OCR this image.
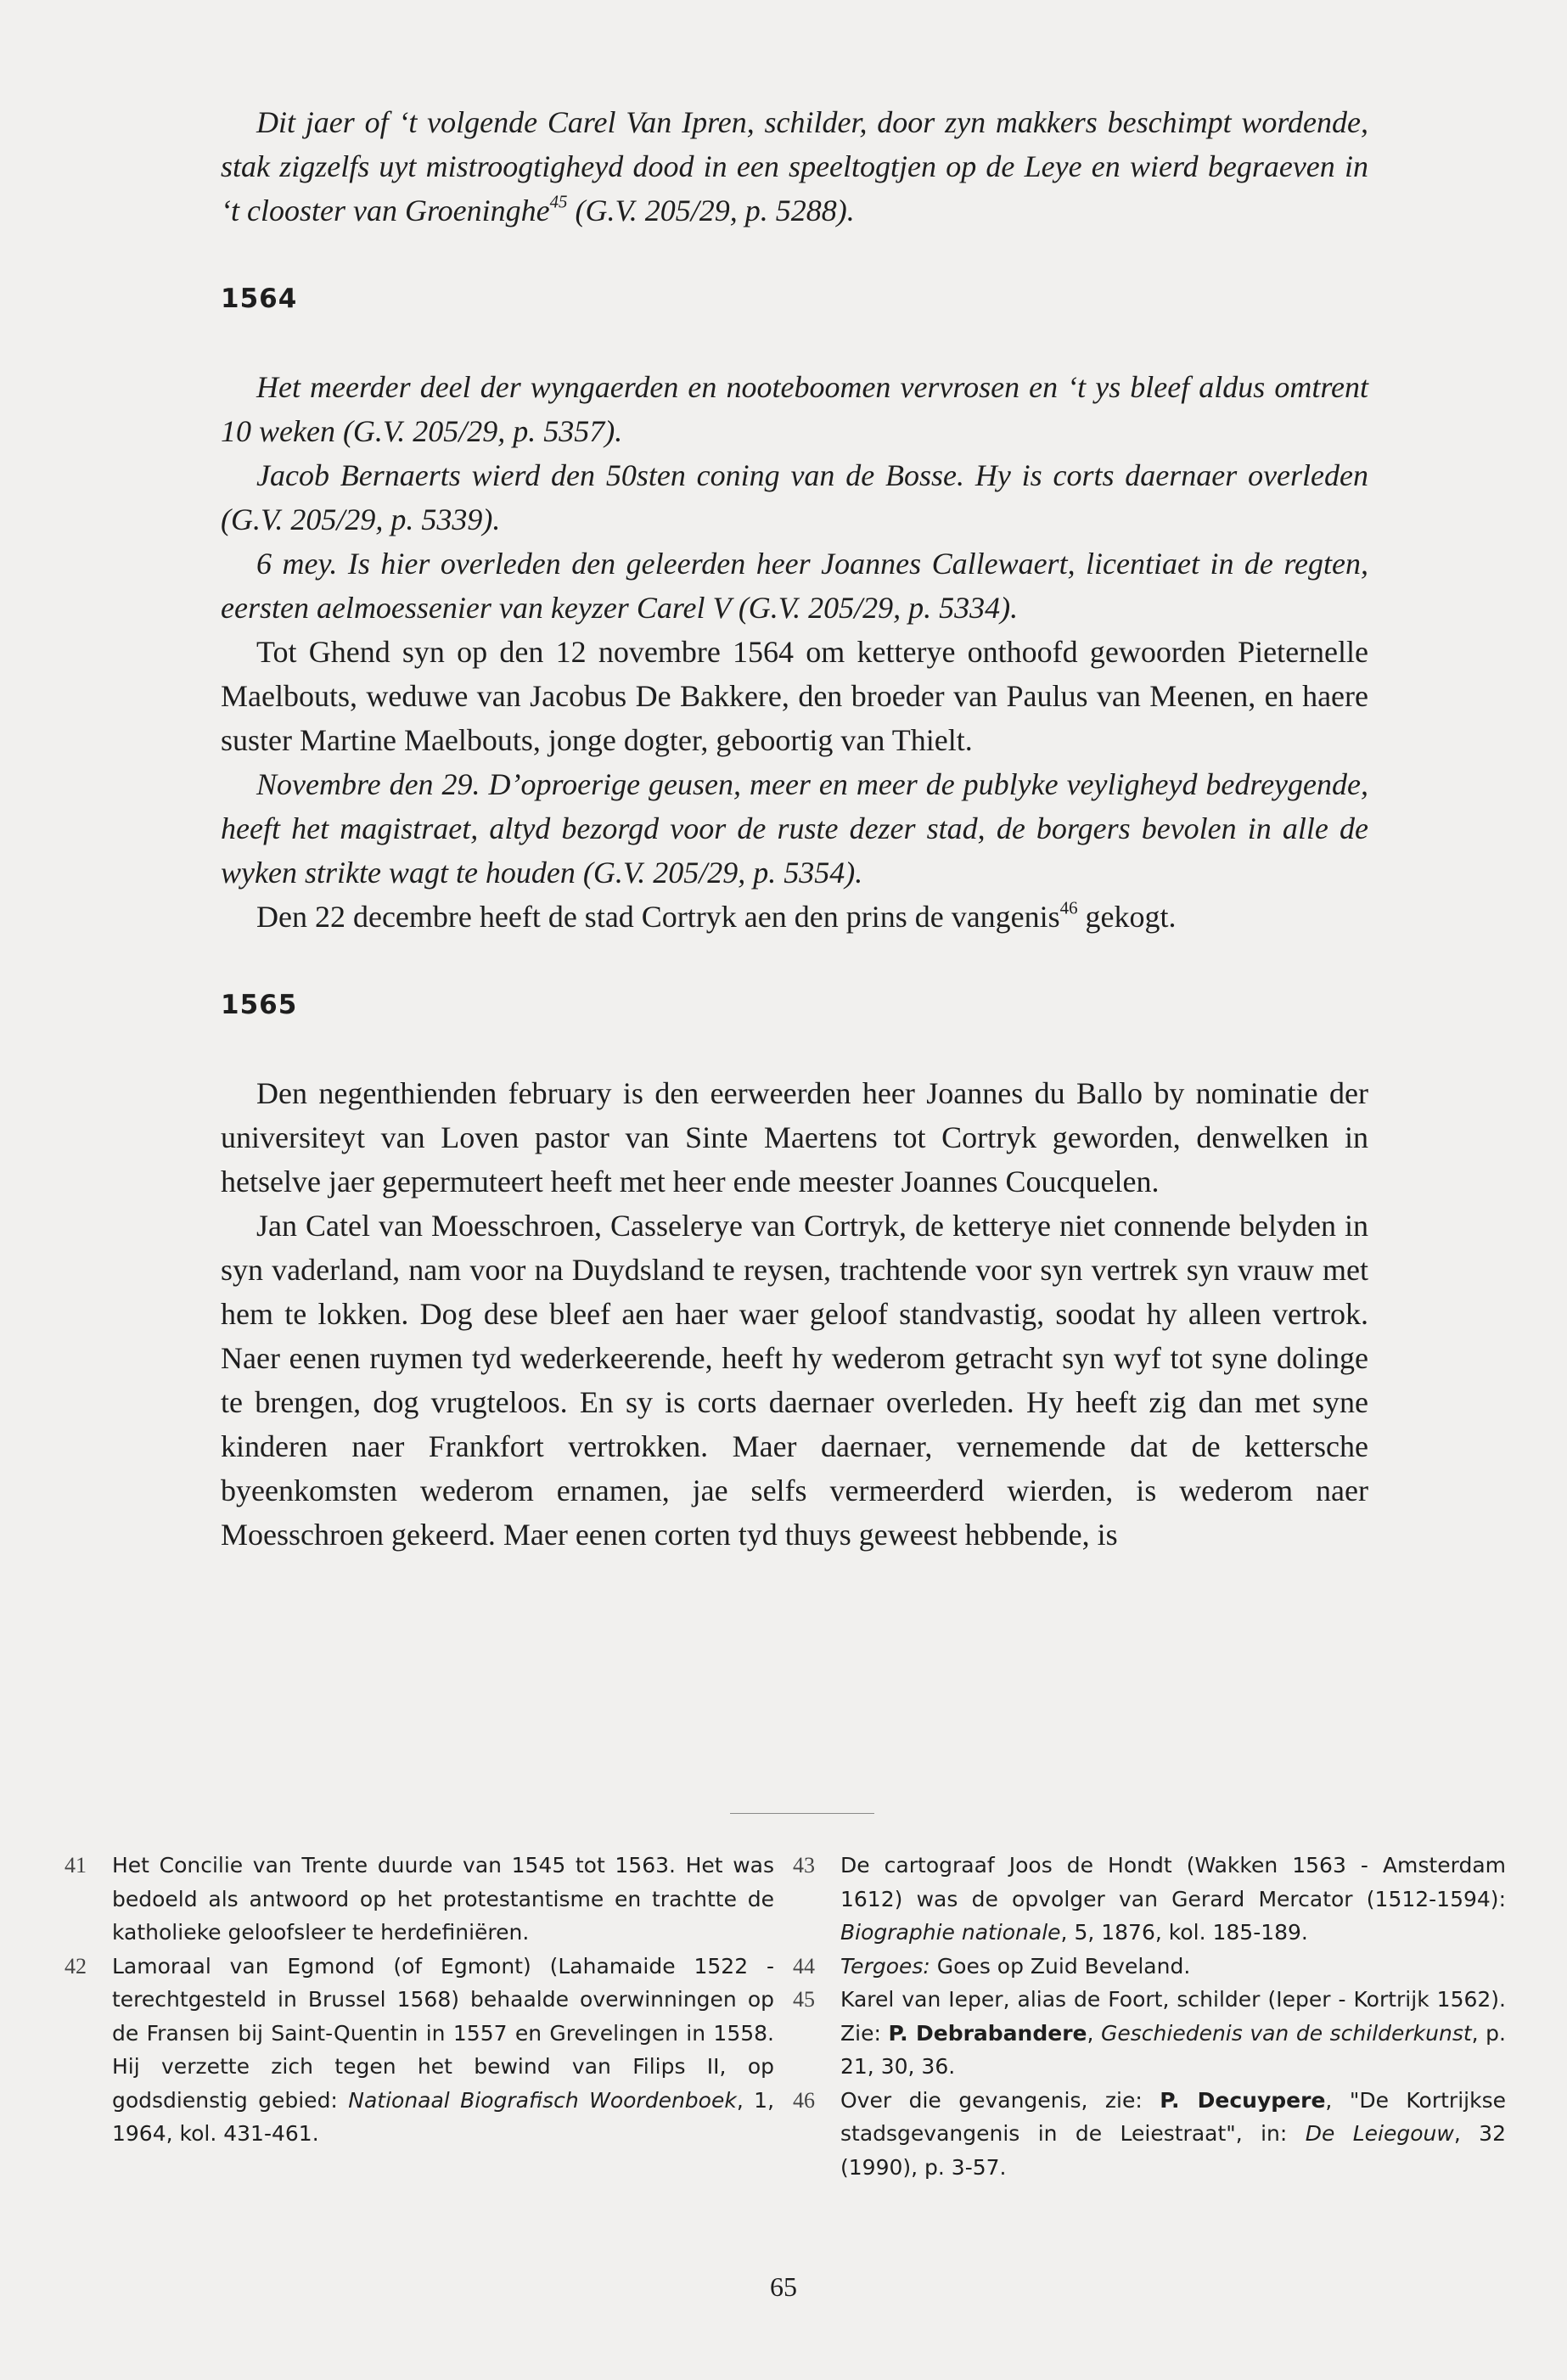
Dit jaer of ‘t volgende Carel Van Ipren, schilder, door zyn makkers beschimpt wordende, stak zigzelfs uyt mistroogtigheyd dood in een speeltogtjen op de Leye en wierd begraeven in ‘t clooster van Groeninghe$^{45}$ (G.V. 205/29, p. 5288).

1564

Het meerder deel der wyngaerden en nooteboomen vervrosen en ‘t ys bleef aldus omtrent 10 weken (G.V. 205/29, p. 5357).

Jacob Bernaerts wierd den 50sten coning van de Bosse. Hy is corts daernaer overleden (G.V. 205/29, p. 5339).

6 mey. Is hier overleden den geleerden heer Joannes Callewaert, licentiaet in de regten, eersten aelmoessenier van keyzer Carel V (G.V. 205/29, p. 5334).

Tot Ghend syn op den 12 novembre 1564 om ketterye onthoofd gewoorden Pieternelle Maelbouts, weduwe van Jacobus De Bakkere, den broeder van Paulus van Meenen, en haere suster Martine Maelbouts, jonge dogter, geboortig van Thielt.

Novembre den 29. D’oproerige geusen, meer en meer de publyke veyligheyd bedreygende, heeft het magistraet, altyd bezorgd voor de ruste dezer stad, de borgers bevolen in alle de wyken strikte wagt te houden (G.V. 205/29, p. 5354).

Den 22 decembre heeft de stad Cortryk aen den prins de vangenis$^{46}$ gekogt.

1565

Den negenthienden february is den eerweerden heer Joannes du Ballo by nominatie der universiteyt van Loven pastor van Sinte Maertens tot Cortryk geworden, denwelken in hetselve jaer gepermuteert heeft met heer ende meester Joannes Coucquelen.

Jan Catel van Moesschroen, Casselerye van Cortryk, de ketterye niet connende belyden in syn vaderland, nam voor na Duydsland te reysen, trachtende voor syn vertrek syn vrauw met hem te lokken. Dog dese bleef aen haer waer geloof standvastig, soodat hy alleen vertrok. Naer eenen ruymen tyd wederkeerende, heeft hy wederom getracht syn wyf tot syne dolinge te brengen, dog vrugteloos. En sy is corts daernaer overleden. Hy heeft zig dan met syne kinderen naer Frankfort vertrokken. Maer daernaer, vernemende dat de kettersche byeenkomsten wederom ernamen, jae selfs vermeerderd wierden, is wederom naer Moesschroen gekeerd. Maer eenen corten tyd thuys geweest hebbende, is

41	Het Concilie van Trente duurde van 1545 tot 1563. Het was bedoeld als antwoord op het protestantisme en trachtte de katholieke geloofsleer te herdefiniëren.

42	Lamoraal van Egmond (of Egmont) (Lahamaide 1522 - terechtgesteld in Brussel 1568) behaalde overwinningen op de Fransen bij Saint-Quentin in 1557 en Grevelingen in 1558. Hij verzette zich tegen het bewind van Filips II, op godsdienstig gebied: Nationaal Biografisch Woordenboek, 1, 1964, kol. 431-461.

43	De cartograaf Joos de Hondt (Wakken 1563 - Amsterdam 1612) was de opvolger van Gerard Mercator (1512-1594): Biographie nationale, 5, 1876, kol. 185-189.

44	Tergoes: Goes op Zuid Beveland.

45	Karel van Ieper, alias de Foort, schilder (Ieper - Kortrijk 1562). Zie: P. Debrabandere, Geschiedenis van de schilderkunst, p. 21, 30, 36.

46	Over die gevangenis, zie: P. Decuypere, "De Kortrijkse stadsgevangenis in de Leiestraat", in: De Leiegouw, 32 (1990), p. 3-57.

65
